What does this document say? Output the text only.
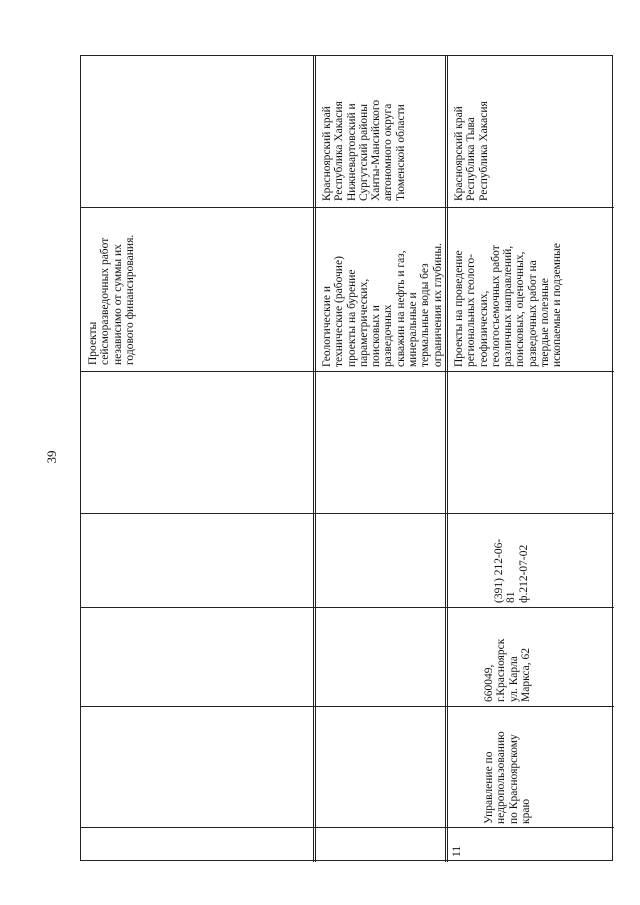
39

Проекты
сейсморазведочных работ
независимо от суммы их
годового финансирования.

Красноярский край
Республика Хакасия
Нижневартовский и
Сургутский районы
Ханты-Мансийского
автономного округа
Тюменской области

Геологические и
технические (рабочие)
проекты на бурение
параметрических,
поисковых и разведочных
скважин на нефть и газ,
минеральные и
термальные воды без
ограничения их глубины.

Красноярский край
Республика Тыва
Республика Хакасия

Проекты на проведение
региональных геолого-
геофизических,
геологосъемочных работ
различных направлений,
поисковых, оценочных,
разведочных работ на
твердые полезные
ископаемые и подземные

(391) 212-06-
81
ф.212-07-02

660049,
г.Красноярск
ул. Карла
Маркса, 62

Управление по
недропользованию
по Красноярскому
краю

11
